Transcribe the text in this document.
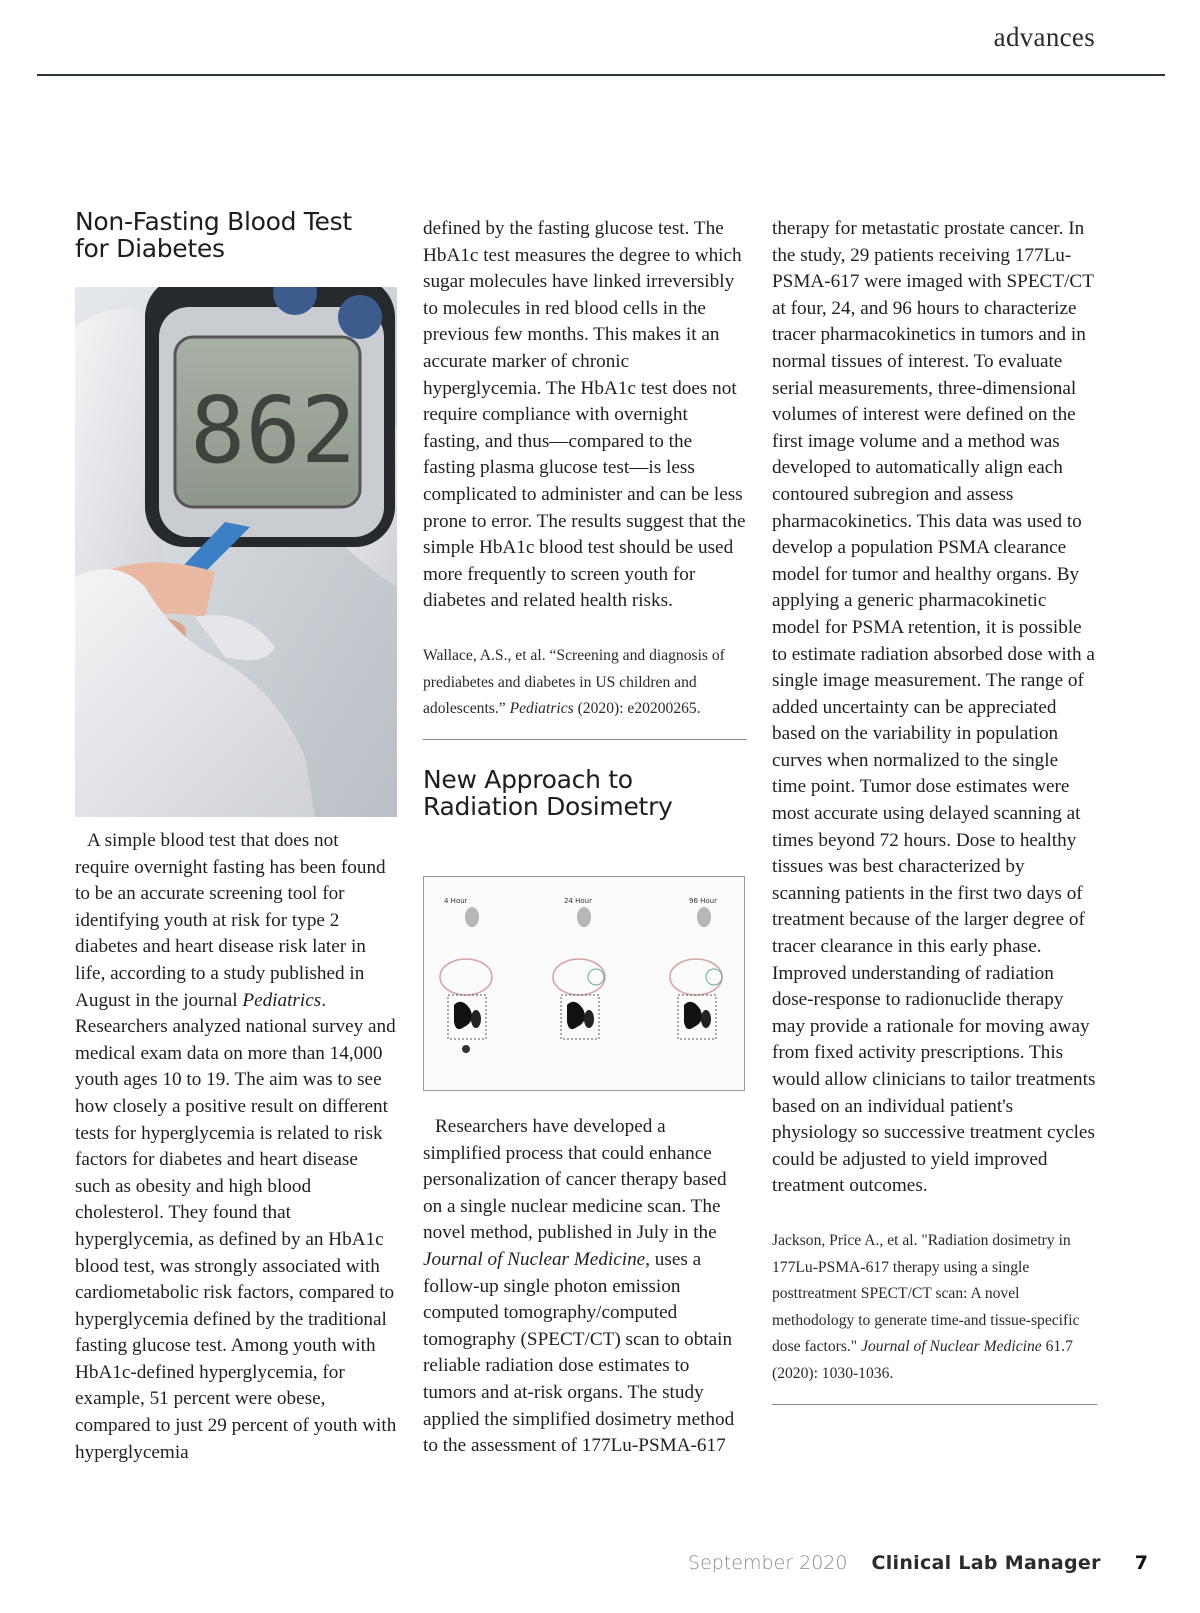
advances
Non-Fasting Blood Test
for Diabetes
862

A simple blood test that does not require overnight fasting has been found to be an accurate screening tool for identifying youth at risk for type 2 diabetes and heart disease risk later in life, according to a study published in August in the journal Pediatrics. Researchers analyzed national survey and medical exam data on more than 14,000 youth ages 10 to 19. The aim was to see how closely a positive result on different tests for hyperglycemia is related to risk factors for diabetes and heart disease such as obesity and high blood cholesterol. They found that hyperglycemia, as defined by an HbA1c blood test, was strongly associated with cardiometabolic risk factors, compared to hyperglycemia defined by the traditional fasting glucose test. Among youth with HbA1c-defined hyperglycemia, for example, 51 percent were obese, compared to just 29 percent of youth with hyperglycemia

defined by the fasting glucose test. The HbA1c test measures the degree to which sugar molecules have linked irreversibly to molecules in red blood cells in the previous few months. This makes it an accurate marker of chronic hyperglycemia. The HbA1c test does not require compliance with overnight fasting, and thus—compared to the fasting plasma glucose test—is less complicated to administer and can be less prone to error. The results suggest that the simple HbA1c blood test should be used more frequently to screen youth for diabetes and related health risks.

Wallace, A.S., et al. “Screening and diagnosis of prediabetes and diabetes in US children and adolescents.” Pediatrics (2020): e20200265.

New Approach to
Radiation Dosimetry
4 Hour	24 Hour	96 Hour

Researchers have developed a simplified process that could enhance personalization of cancer therapy based on a single nuclear medicine scan. The novel method, published in July in the Journal of Nuclear Medicine, uses a follow-up single photon emission computed tomography/computed tomography (SPECT/CT) scan to obtain reliable radiation dose estimates to tumors and at-risk organs. The study applied the simplified dosimetry method to the assessment of 177Lu-PSMA-617

therapy for metastatic prostate cancer. In the study, 29 patients receiving 177Lu-PSMA-617 were imaged with SPECT/CT at four, 24, and 96 hours to characterize tracer pharmacokinetics in tumors and in normal tissues of interest. To evaluate serial measurements, three-dimensional volumes of interest were defined on the first image volume and a method was developed to automatically align each contoured subregion and assess pharmacokinetics. This data was used to develop a population PSMA clearance model for tumor and healthy organs. By applying a generic pharmacokinetic model for PSMA retention, it is possible to estimate radiation absorbed dose with a single image measurement. The range of added uncertainty can be appreciated based on the variability in population curves when normalized to the single time point. Tumor dose estimates were most accurate using delayed scanning at times beyond 72 hours. Dose to healthy tissues was best characterized by scanning patients in the first two days of treatment because of the larger degree of tracer clearance in this early phase. Improved understanding of radiation dose-response to radionuclide therapy may provide a rationale for moving away from fixed activity prescriptions. This would allow clinicians to tailor treatments based on an individual patient's physiology so successive treatment cycles could be adjusted to yield improved treatment outcomes.

Jackson, Price A., et al. "Radiation dosimetry in 177Lu-PSMA-617 therapy using a single posttreatment SPECT/CT scan: A novel methodology to generate time-and tissue-specific dose factors." Journal of Nuclear Medicine 61.7 (2020): 1030-1036.

September 2020 Clinical Lab Manager 7
